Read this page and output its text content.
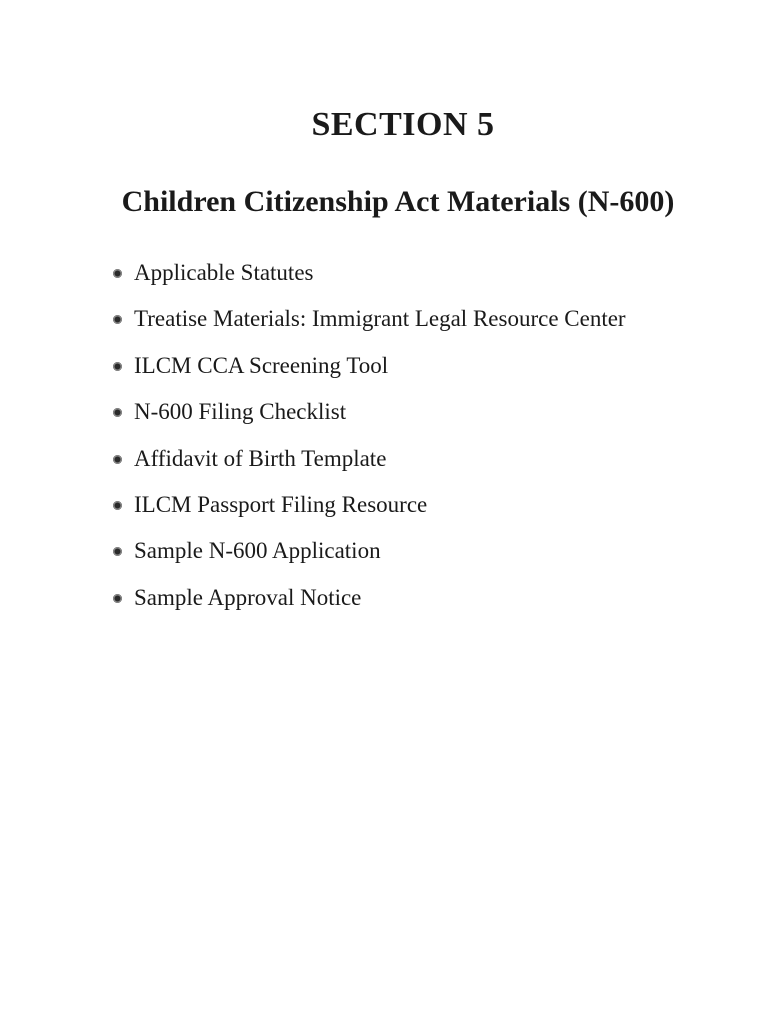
SECTION 5
Children Citizenship Act Materials (N-600)
Applicable Statutes
Treatise Materials: Immigrant Legal Resource Center
ILCM CCA Screening Tool
N-600 Filing Checklist
Affidavit of Birth Template
ILCM Passport Filing Resource
Sample N-600 Application
Sample Approval Notice
